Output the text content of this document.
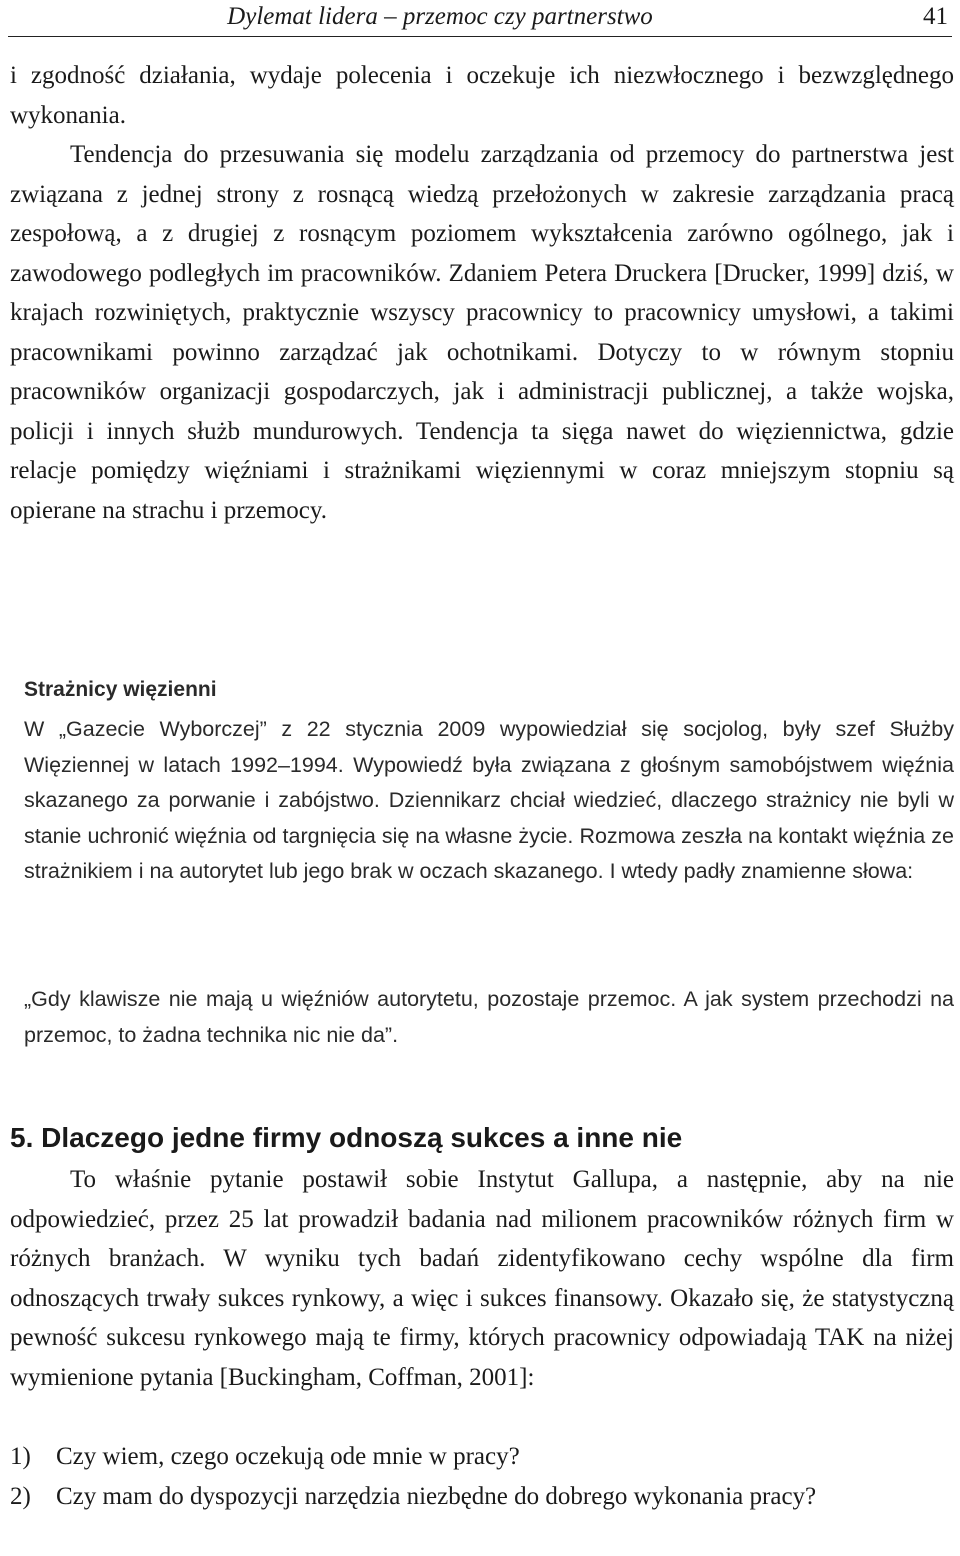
Dylemat lidera – przemoc czy partnerstwo	41

i zgodność działania, wydaje polecenia i oczekuje ich niezwłocznego i bezwzględnego wykonania.

Tendencja do przesuwania się modelu zarządzania od przemocy do partnerstwa jest związana z jednej strony z rosnącą wiedzą przełożonych w zakresie zarządzania pracą zespołową, a z drugiej z rosnącym poziomem wykształcenia zarówno ogólnego, jak i zawodowego podległych im pracowników. Zdaniem Petera Druckera [Drucker, 1999] dziś, w krajach rozwiniętych, praktycznie wszyscy pracownicy to pracownicy umysłowi, a takimi pracownikami powinno zarządzać jak ochotnikami. Dotyczy to w równym stopniu pracowników organizacji gospodarczych, jak i administracji publicznej, a także wojska, policji i innych służb mundurowych. Tendencja ta sięga nawet do więziennictwa, gdzie relacje pomiędzy więźniami i strażnikami więziennymi w coraz mniejszym stopniu są opierane na strachu i przemocy.

Strażnicy więzienni

W „Gazecie Wyborczej” z 22 stycznia 2009 wypowiedział się socjolog, były szef Służby Więziennej w latach 1992–1994. Wypowiedź była związana z głośnym samobójstwem więźnia skazanego za porwanie i zabójstwo. Dziennikarz chciał wiedzieć, dlaczego strażnicy nie byli w stanie uchronić więźnia od targnięcia się na własne życie. Rozmowa zeszła na kontakt więźnia ze strażnikiem i na autorytet lub jego brak w oczach skazanego. I wtedy padły znamienne słowa:

„Gdy klawisze nie mają u więźniów autorytetu, pozostaje przemoc. A jak system przechodzi na przemoc, to żadna technika nic nie da”.

5. Dlaczego jedne firmy odnoszą sukces a inne nie

To właśnie pytanie postawił sobie Instytut Gallupa, a następnie, aby na nie odpowiedzieć, przez 25 lat prowadził badania nad milionem pracowników różnych firm w różnych branżach. W wyniku tych badań zidentyfikowano cechy wspólne dla firm odnoszących trwały sukces rynkowy, a więc i sukces finansowy. Okazało się, że statystyczną pewność sukcesu rynkowego mają te firmy, których pracownicy odpowiadają TAK na niżej wymienione pytania [Buckingham, Coffman, 2001]:

1) Czy wiem, czego oczekują ode mnie w pracy?
2) Czy mam do dyspozycji narzędzia niezbędne do dobrego wykonania pracy?
